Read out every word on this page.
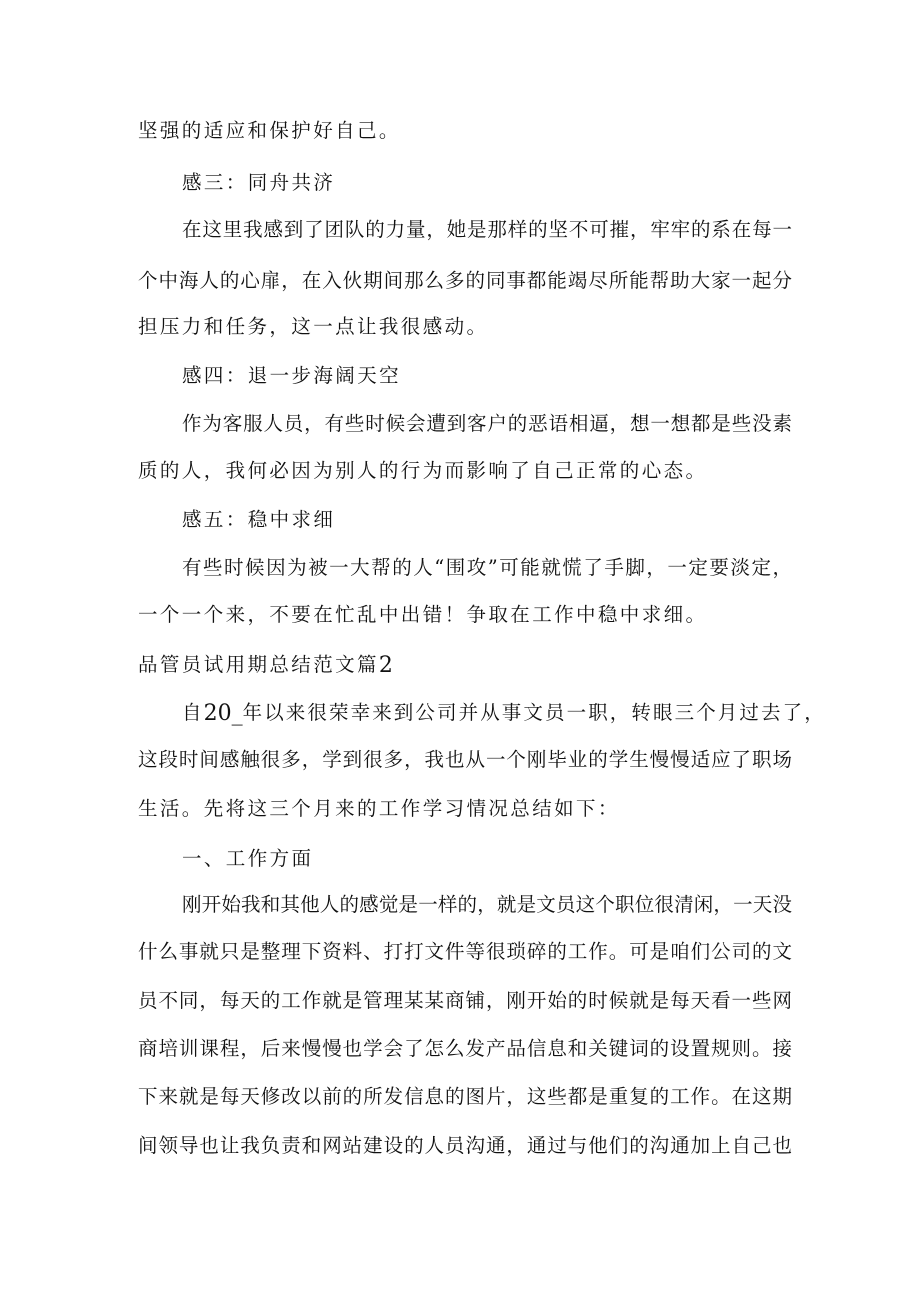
坚强的适应和保护好自己。
感三：同舟共济
在这里我感到了团队的力量，她是那样的坚不可摧，牢牢的系在每一
个中海人的心扉，在入伙期间那么多的同事都能竭尽所能帮助大家一起分
担压力和任务，这一点让我很感动。
感四：退一步海阔天空
作为客服人员，有些时候会遭到客户的恶语相逼，想一想都是些没素
质的人，我何必因为别人的行为而影响了自己正常的心态。
感五：稳中求细
有些时候因为被一大帮的人“围攻”可能就慌了手脚，一定要淡定，
一个一个来，不要在忙乱中出错！争取在工作中稳中求细。
品管员试用期总结范文篇2
自20_年以来很荣幸来到公司并从事文员一职，转眼三个月过去了，
这段时间感触很多，学到很多，我也从一个刚毕业的学生慢慢适应了职场
生活。先将这三个月来的工作学习情况总结如下：
一、工作方面
刚开始我和其他人的感觉是一样的，就是文员这个职位很清闲，一天没
什么事就只是整理下资料、打打文件等很琐碎的工作。可是咱们公司的文
员不同，每天的工作就是管理某某商铺，刚开始的时候就是每天看一些网
商培训课程，后来慢慢也学会了怎么发产品信息和关键词的设置规则。接
下来就是每天修改以前的所发信息的图片，这些都是重复的工作。在这期
间领导也让我负责和网站建设的人员沟通，通过与他们的沟通加上自己也
